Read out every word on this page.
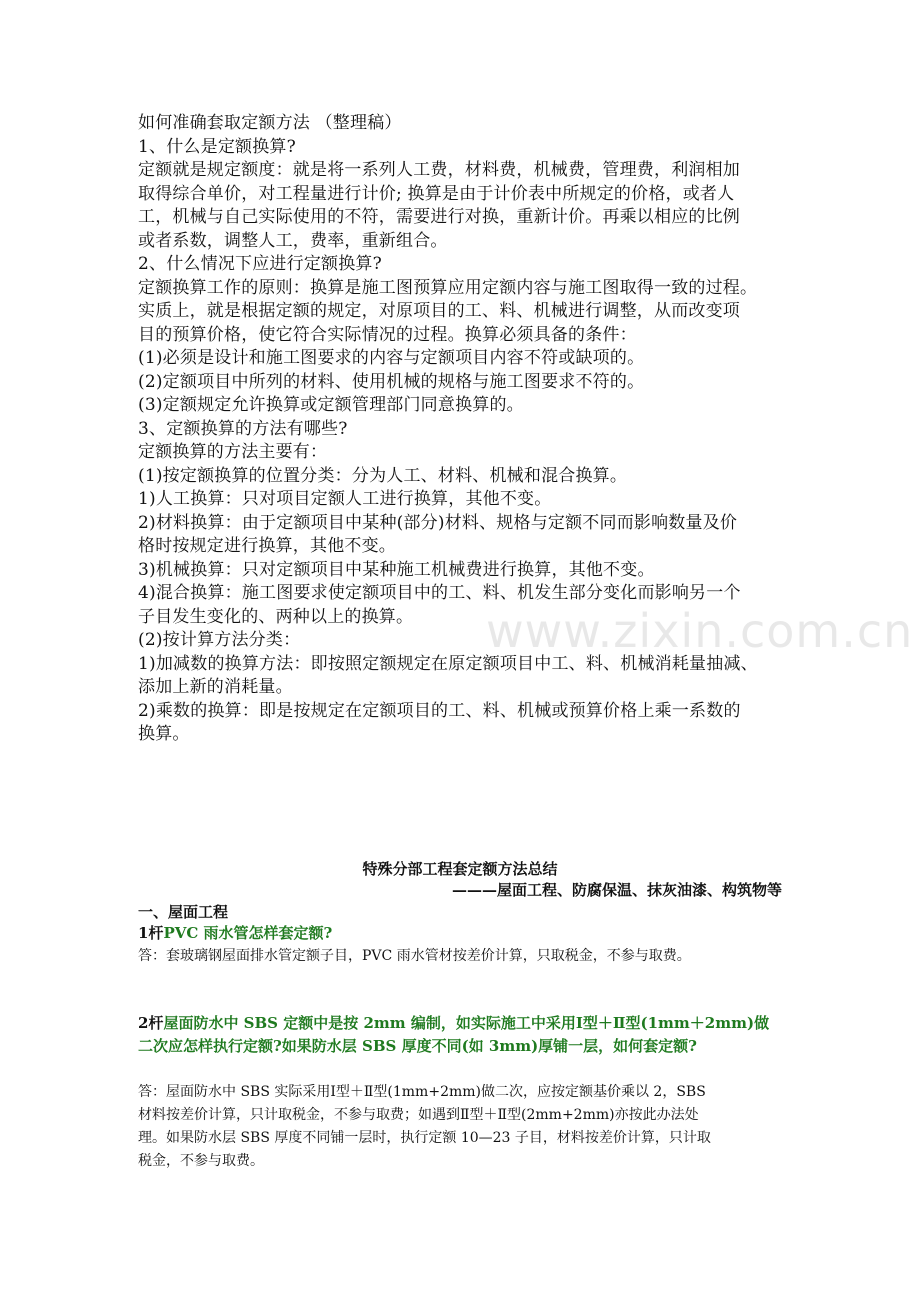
如何准确套取定额方法 （整理稿）
1、什么是定额换算?
定额就是规定额度：就是将一系列人工费，材料费，机械费，管理费，利润相加
取得综合单价，对工程量进行计价; 换算是由于计价表中所规定的价格，或者人
工，机械与自己实际使用的不符，需要进行对换，重新计价。再乘以相应的比例
或者系数，调整人工，费率，重新组合。
2、什么情况下应进行定额换算?
定额换算工作的原则：换算是施工图预算应用定额内容与施工图取得一致的过程。
实质上，就是根据定额的规定，对原项目的工、料、机械进行调整，从而改变项
目的预算价格，使它符合实际情况的过程。换算必须具备的条件：
(1)必须是设计和施工图要求的内容与定额项目内容不符或缺项的。
(2)定额项目中所列的材料、使用机械的规格与施工图要求不符的。
(3)定额规定允许换算或定额管理部门同意换算的。
3、定额换算的方法有哪些?
定额换算的方法主要有：
(1)按定额换算的位置分类：分为人工、材料、机械和混合换算。
1)人工换算：只对项目定额人工进行换算，其他不变。
2)材料换算：由于定额项目中某种(部分)材料、规格与定额不同而影响数量及价
格时按规定进行换算，其他不变。
3)机械换算：只对定额项目中某种施工机械费进行换算，其他不变。
4)混合换算：施工图要求使定额项目中的工、料、机发生部分变化而影响另一个
子目发生变化的、两种以上的换算。
(2)按计算方法分类：
1)加减数的换算方法：即按照定额规定在原定额项目中工、料、机械消耗量抽减、
添加上新的消耗量。
2)乘数的换算：即是按规定在定额项目的工、料、机械或预算价格上乘一系数的
换算。
www.zixin.com.cn
特殊分部工程套定额方法总结
———屋面工程、防腐保温、抹灰油漆、构筑物等
一、屋面工程
1杆PVC 雨水管怎样套定额?
答：套玻璃钢屋面排水管定额子目，PVC 雨水管材按差价计算，只取税金，不参与取费。
2杆屋面防水中 SBS 定额中是按 2mm 编制，如实际施工中采用Ⅰ型＋Ⅱ型(1mm＋2mm)做
二次应怎样执行定额?如果防水层 SBS 厚度不同(如 3mm)厚铺一层，如何套定额?
答：屋面防水中 SBS 实际采用Ⅰ型＋Ⅱ型(1mm+2mm)做二次，应按定额基价乘以 2，SBS
材料按差价计算，只计取税金，不参与取费；如遇到Ⅱ型＋Ⅱ型(2mm+2mm)亦按此办法处
理。如果防水层 SBS 厚度不同铺一层时，执行定额 10—23 子目，材料按差价计算，只计取
税金，不参与取费。
